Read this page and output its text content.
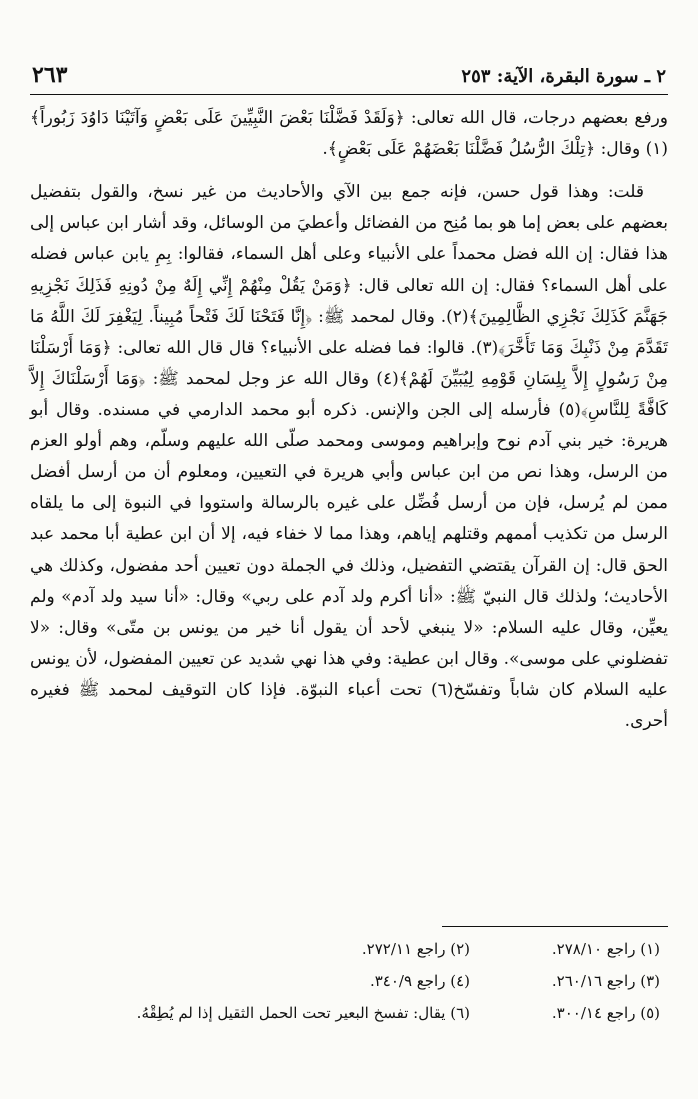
٢ ـ سورة البقرة، الآية: ٢٥٣
٢٦٣

ورفع بعضهم درجات، قال الله تعالى: ﴿وَلَقَدْ فَضَّلْنَا بَعْضَ النَّبِيِّينَ عَلَى بَعْضٍ وَآتَيْنَا دَاوُدَ زَبُوراً﴾(١) وقال: ﴿تِلْكَ الرُّسُلُ فَضَّلْنَا بَعْضَهُمْ عَلَى بَعْضٍ﴾.

قلت: وهذا قول حسن، فإنه جمع بين الآي والأحاديث من غير نسخ، والقول بتفضيل بعضهم على بعض إما هو بما مُنِح من الفضائل وأعطيَ من الوسائل، وقد أشار ابن عباس إلى هذا فقال: إن الله فضل محمداً على الأنبياء وعلى أهل السماء، فقالوا: بِمِ يابن عباس فضله على أهل السماء؟ فقال: إن الله تعالى قال: ﴿وَمَنْ يَقُلْ مِنْهُمْ إِنِّي إِلَهٌ مِنْ دُونِهِ فَذَلِكَ نَجْزِيهِ جَهَنَّمَ كَذَلِكَ نَجْزِي الظَّالِمِينَ﴾(٢). وقال لمحمد ﷺ: ﴿إِنَّا فَتَحْنَا لَكَ فَتْحاً مُبِيناً. لِيَغْفِرَ لَكَ اللَّهُ مَا تَقَدَّمَ مِنْ ذَنْبِكَ وَمَا تَأَخَّرَ﴾(٣). قالوا: فما فضله على الأنبياء؟ قال قال الله تعالى: ﴿وَمَا أَرْسَلْنَا مِنْ رَسُولٍ إِلاَّ بِلِسَانِ قَوْمِهِ لِيُبَيِّنَ لَهُمْ﴾(٤) وقال الله عز وجل لمحمد ﷺ: ﴿وَمَا أَرْسَلْنَاكَ إِلاَّ كَافَّةً لِلنَّاسِ﴾(٥) فأرسله إلى الجن والإنس. ذكره أبو محمد الدارمي في مسنده. وقال أبو هريرة: خير بني آدم نوح وإبراهيم وموسى ومحمد صلّى الله عليهم وسلّم، وهم أولو العزم من الرسل، وهذا نص من ابن عباس وأبي هريرة في التعيين، ومعلوم أن من أرسل أفضل ممن لم يُرسل، فإن من أرسل فُضِّل على غيره بالرسالة واستووا في النبوة إلى ما يلقاه الرسل من تكذيب أممهم وقتلهم إياهم، وهذا مما لا خفاء فيه، إلا أن ابن عطية أبا محمد عبد الحق قال: إن القرآن يقتضي التفضيل، وذلك في الجملة دون تعيين أحد مفضول، وكذلك هي الأحاديث؛ ولذلك قال النبيّ ﷺ: «أنا أكرم ولد آدم على ربي» وقال: «أنا سيد ولد آدم» ولم يعيِّن، وقال عليه السلام: «لا ينبغي لأحد أن يقول أنا خير من يونس بن متّى» وقال: «لا تفضلوني على موسى». وقال ابن عطية: وفي هذا نهي شديد عن تعيين المفضول، لأن يونس عليه السلام كان شاباً وتفسّخ(٦) تحت أعباء النبوّة. فإذا كان التوقيف لمحمد ﷺ فغيره أحرى.

(١) راجع ٢٧٨/١٠.
(٢) راجع ٢٧٢/١١.
(٣) راجع ٢٦٠/١٦.
(٤) راجع ٣٤٠/٩.
(٥) راجع ٣٠٠/١٤.
(٦) يقال: تفسخ البعير تحت الحمل الثقيل إذا لم يُطِقْهُ.
